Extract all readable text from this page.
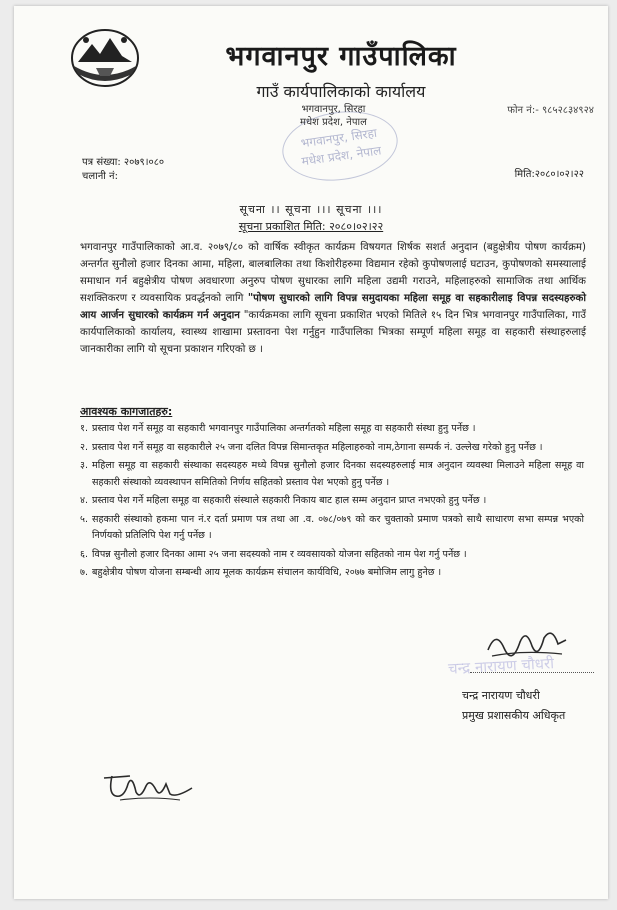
भगवानपुर गाउँपालिका
गाउँ कार्यपालिकाको कार्यालय
भगवानपुर, सिरहा
मधेश प्रदेश, नेपाल
भगवानपुर, सिरहा
मधेश प्रदेश, नेपाल
फोन नं:- ९८५२८३४९२४
पत्र संख्या: २०७९।०८०
चलानी नं:	मिति:२०८०।०२।२२
सूचना ।। सूचना ।।। सूचना ।।।
सूचना प्रकाशित मिति: २०८०।०२।२२
भगवानपुर गाउँपालिकाको आ.व. २०७९/८० को वार्षिक स्वीकृत कार्यक्रम विषयगत शिर्षक सशर्त अनुदान (बहुक्षेत्रीय पोषण कार्यक्रम) अन्तर्गत सुनौलो हजार दिनका आमा, महिला, बालबालिका तथा किशोरीहरुमा विद्यमान रहेको कुपोषणलाई घटाउन, कुपोषणको समस्यालाई समाधान गर्न बहुक्षेत्रीय पोषण अवधारणा अनुरुप पोषण सुधारका लागि महिला उद्यमी गराउने, महिलाहरुको सामाजिक तथा आर्थिक सशक्तिकरण र व्यवसायिक प्रवर्द्धनको लागि "पोषण सुधारको लागि विपन्न समुदायका महिला समूह वा सहकारीलाइ विपन्न सदस्यहरुको आय आर्जन सुधारको कार्यक्रम गर्न अनुदान "कार्यक्रमका लागि सूचना प्रकाशित भएको मितिले १५ दिन भित्र भगवानपुर गाउँपालिका, गाउँ कार्यपालिकाको कार्यालय, स्वास्थ्य शाखामा प्रस्तावना पेश गर्नुहुन गाउँपालिका भित्रका सम्पूर्ण महिला समूह वा सहकारी संस्थाहरुलाई जानकारीका लागि यो सूचना प्रकाशन गरिएको छ ।
आवश्यक कागजातहरु:
१. प्रस्ताव पेश गर्ने समूह वा सहकारी भगवानपुर गाउँपालिका अन्तर्गतको महिला समूह वा सहकारी संस्था हुनु पर्नेछ ।
२. प्रस्ताव पेश गर्ने समूह वा सहकारीले २५ जना दलित विपन्न सिमान्तकृत महिलाहरुको नाम,ठेगाना सम्पर्क नं. उल्लेख गरेको हुनु पर्नेछ ।
३. महिला समूह वा सहकारी संस्थाका सदस्यहरु मध्ये विपन्न सुनौलो हजार दिनका सदस्यहरुलाई मात्र अनुदान व्यवस्था मिलाउने महिला समूह वा सहकारी संस्थाको व्यवस्थापन समितिको निर्णय सहितको प्रस्ताव पेश भएको हुनु पर्नेछ ।
४. प्रस्ताव पेश गर्ने महिला समूह वा सहकारी संस्थाले सहकारी निकाय बाट हाल सम्म अनुदान प्राप्त नभएको हुनु पर्नेछ ।
५. सहकारी संस्थाको हकमा पान नं.र दर्ता प्रमाण पत्र तथा आ .व. ०७८/०७९ को कर चुक्ताको प्रमाण पत्रको साथै साधारण सभा सम्पन्न भएको निर्णयको प्रतिलिपि पेश गर्नु पर्नेछ ।
६. विपन्न सुनौलो हजार दिनका आमा २५ जना सदस्यको नाम र व्यवसायको योजना सहितको नाम पेश गर्नु पर्नेछ ।
७. बहुक्षेत्रीय पोषण योजना सम्बन्धी आय मूलक कार्यक्रम संचालन कार्यविधि, २०७७ बमोजिम लागु हुनेछ ।
चन्द्र नारायण चौधरी
चन्द्र नारायण चौधरी
प्रमुख प्रशासकीय अधिकृत
